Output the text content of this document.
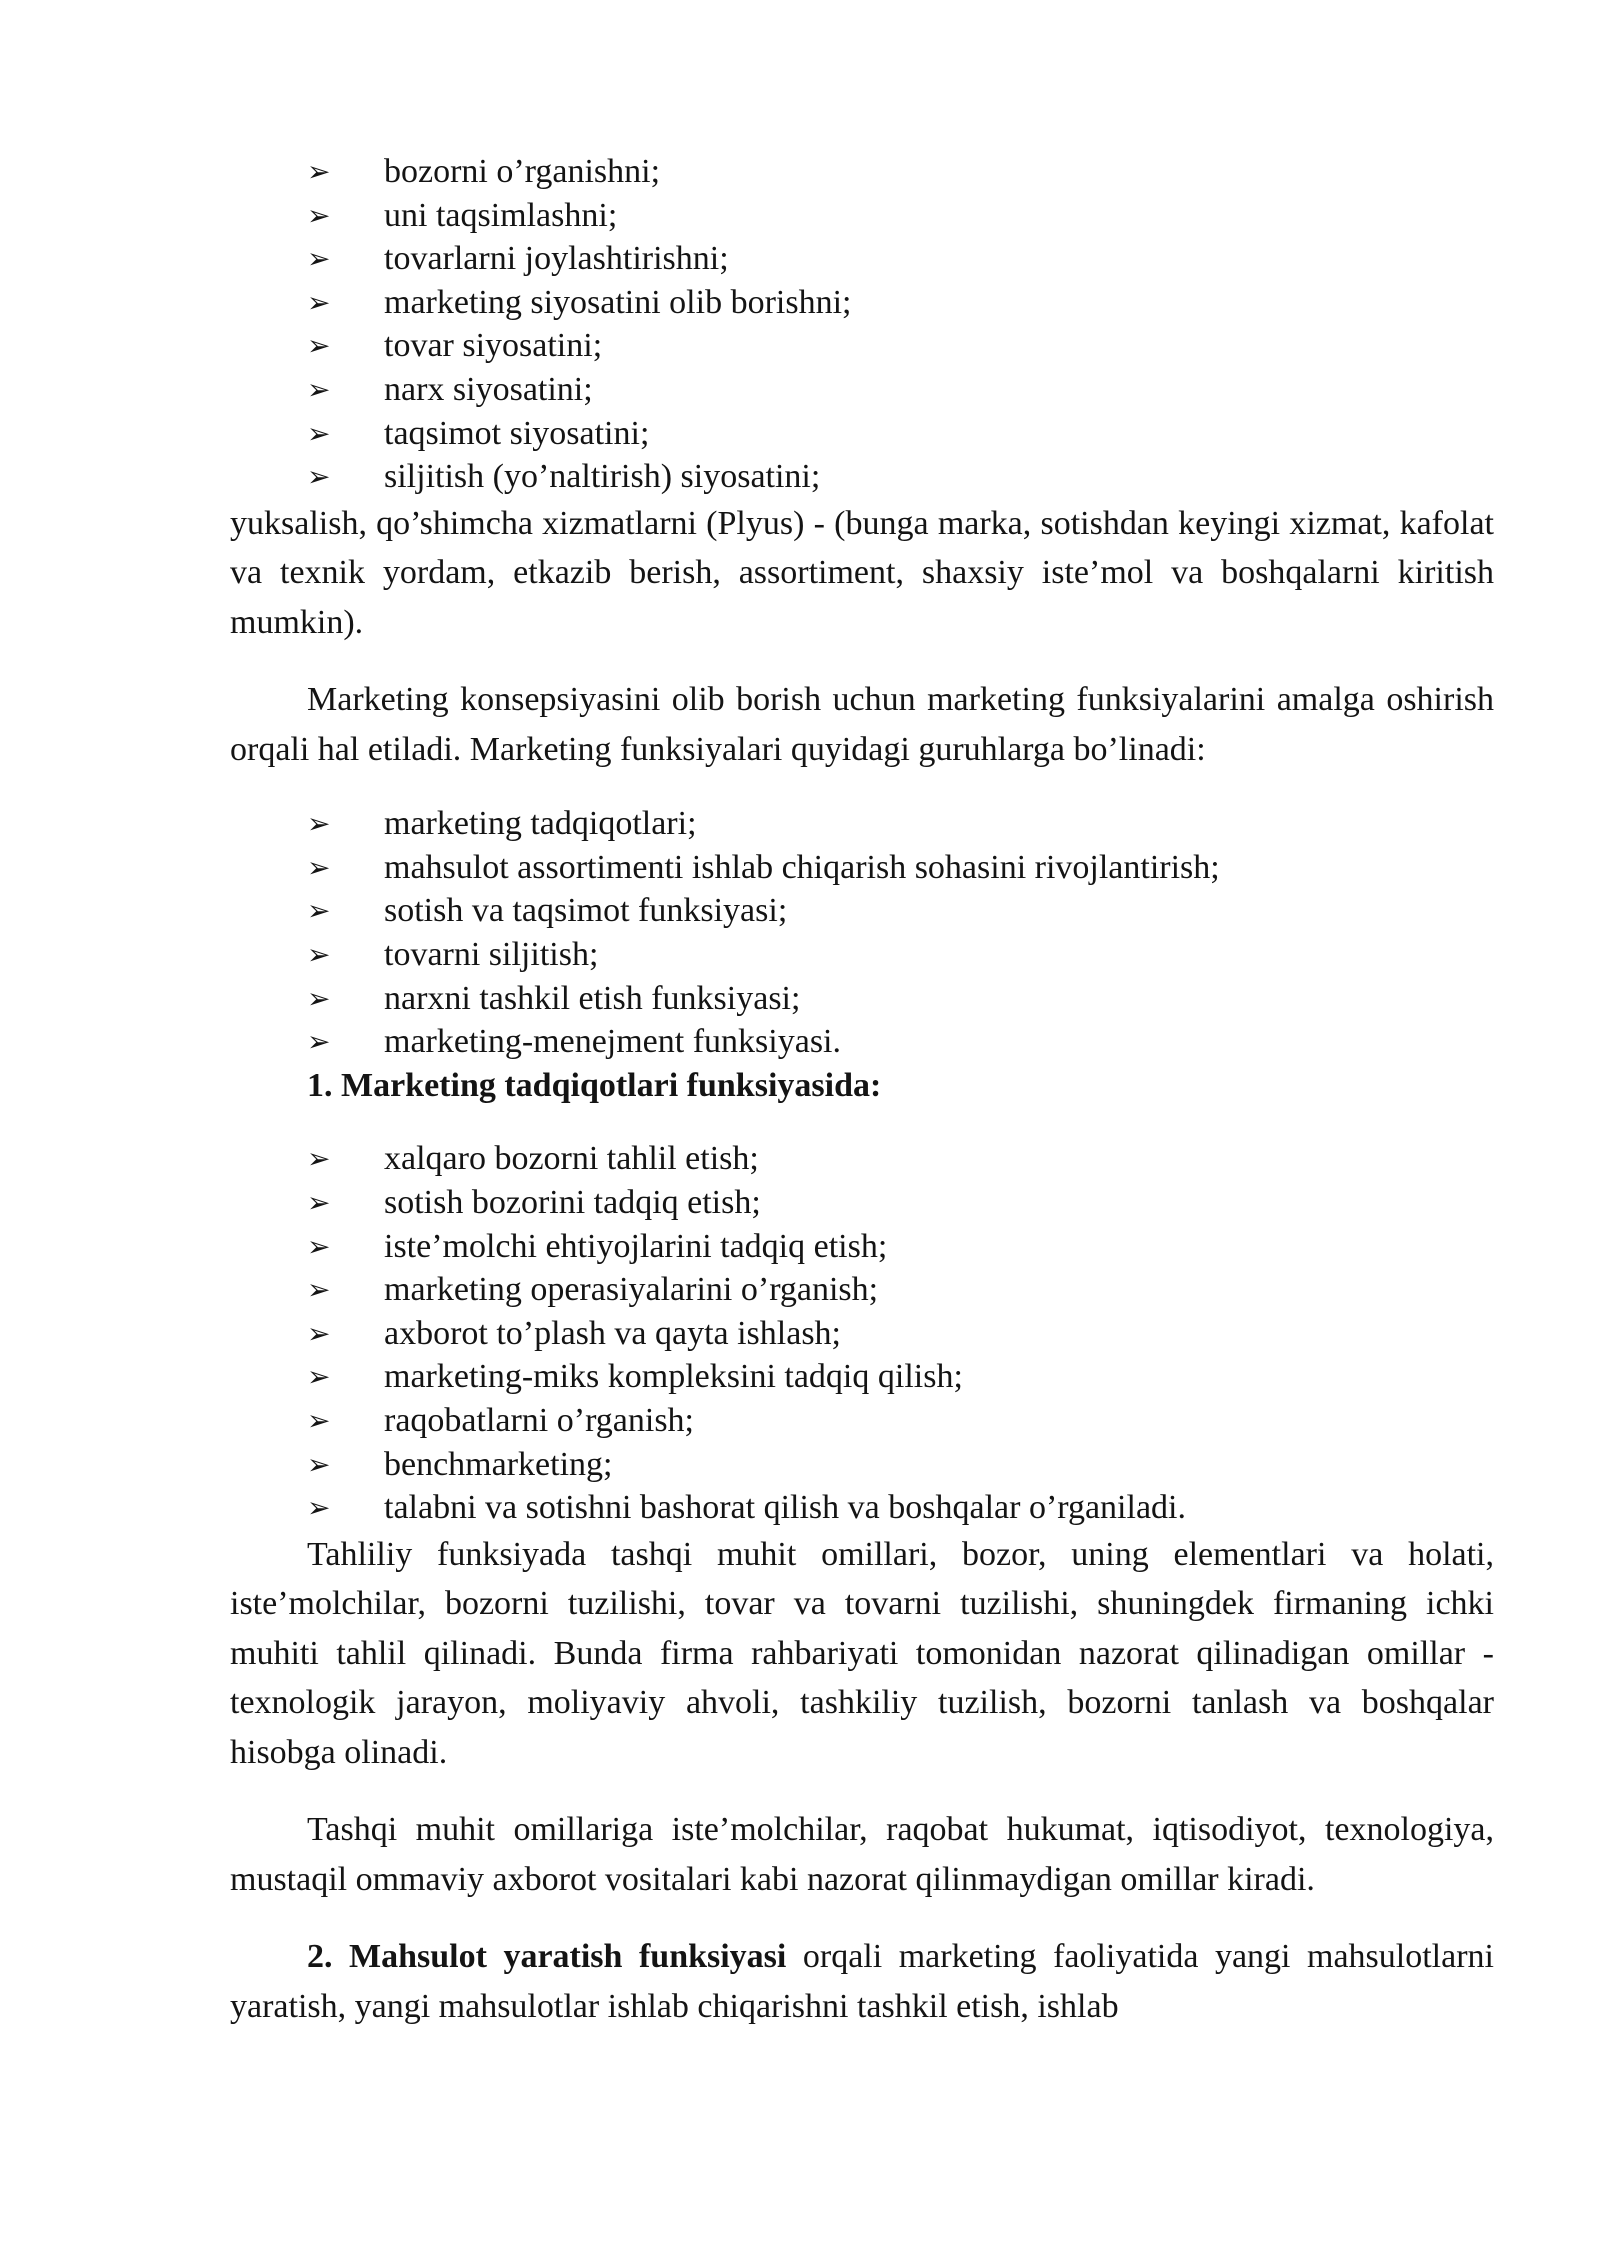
➢	bozorni o’rganishni;
➢	uni taqsimlashni;
➢	tovarlarni joylashtirishni;
➢	marketing siyosatini olib borishni;
➢	tovar siyosatini;
➢	narx siyosatini;
➢	taqsimot siyosatini;
➢	siljitish (yo’naltirish) siyosatini;

yuksalish, qo’shimcha xizmatlarni (Plyus) - (bunga marka, sotishdan keyingi xizmat, kafolat va texnik yordam, etkazib berish, assortiment, shaxsiy iste’mol va boshqalarni kiritish mumkin).

Marketing konsepsiyasini olib borish uchun marketing funksiyalarini amalga oshirish orqali hal etiladi. Marketing funksiyalari quyidagi guruhlarga bo’linadi:

➢	marketing tadqiqotlari;
➢	mahsulot assortimenti ishlab chiqarish sohasini rivojlantirish;
➢	sotish va taqsimot funksiyasi;
➢	tovarni siljitish;
➢	narxni tashkil etish funksiyasi;
➢	marketing-menejment funksiyasi.
1. Marketing tadqiqotlari funksiyasida:
➢	xalqaro bozorni tahlil etish;
➢	sotish bozorini tadqiq etish;
➢	iste’molchi ehtiyojlarini tadqiq etish;
➢	marketing operasiyalarini o’rganish;
➢	axborot to’plash va qayta ishlash;
➢	marketing-miks kompleksini tadqiq qilish;
➢	raqobatlarni o’rganish;
➢	benchmarketing;
➢	talabni va sotishni bashorat qilish va boshqalar o’rganiladi.

Tahliliy funksiyada tashqi muhit omillari, bozor, uning elementlari va holati, iste’molchilar, bozorni tuzilishi, tovar va tovarni tuzilishi, shuningdek firmaning ichki muhiti tahlil qilinadi. Bunda firma rahbariyati tomonidan nazorat qilinadigan omillar - texnologik jarayon, moliyaviy ahvoli, tashkiliy tuzilish, bozorni tanlash va boshqalar hisobga olinadi.

Tashqi muhit omillariga iste’molchilar, raqobat hukumat, iqtisodiyot, texnologiya, mustaqil ommaviy axborot vositalari kabi nazorat qilinmaydigan omillar kiradi.

2. Mahsulot yaratish funksiyasi orqali marketing faoliyatida yangi mahsulotlarni yaratish, yangi mahsulotlar ishlab chiqarishni tashkil etish, ishlab
